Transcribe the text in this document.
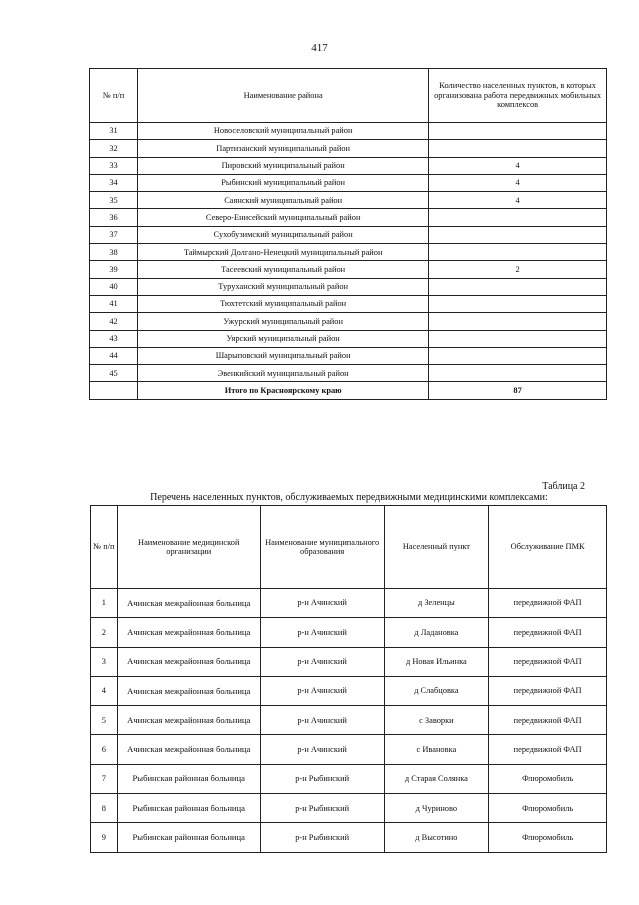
417
№ п/п	Наименование района	Количество населенных пунктов, в которых организована работа передвижных мобильных комплексов
31	Новоселовский муниципальный район	
32	Партизанский муниципальный район	
33	Пировский муниципальный район	4
34	Рыбинский муниципальный район	4
35	Саянский муниципальный район	4
36	Северо-Енисейский муниципальный район	
37	Сухобузимский муниципальный район	
38	Таймырский Долгано-Ненецкий муниципальный район	
39	Тасеевский муниципальный район	2
40	Туруханский муниципальный район	
41	Тюхтетский муниципальный район	
42	Ужурский муниципальный район	
43	Уярский муниципальный район	
44	Шарыповский муниципальный район	
45	Эвенкийский муниципальный район	
	Итого по Красноярскому краю	87
Таблица 2
Перечень населенных пунктов, обслуживаемых передвижными медицинскими комплексами:
№ п/п	Наименование медицинской организации	Наименование муниципального образования	Населенный пункт	Обслуживание ПМК
1	Ачинская межрайонная больница	р-н Ачинский	д Зеленцы	передвижной ФАП
2	Ачинская межрайонная больница	р-н Ачинский	д Ладановка	передвижной ФАП
3	Ачинская межрайонная больница	р-н Ачинский	д Новая Ильинка	передвижной ФАП
4	Ачинская межрайонная больница	р-н Ачинский	д Слабцовка	передвижной ФАП
5	Ачинская межрайонная больница	р-н Ачинский	с Заворки	передвижной ФАП
6	Ачинская межрайонная больница	р-н Ачинский	с Ивановка	передвижной ФАП
7	Рыбинская районная больница	р-н Рыбинский	д Старая Солянка	Флюромобиль
8	Рыбинская районная больница	р-н Рыбинский	д Чуриново	Флюромобиль
9	Рыбинская районная больница	р-н Рыбинский	д Высотино	Флюромобиль
